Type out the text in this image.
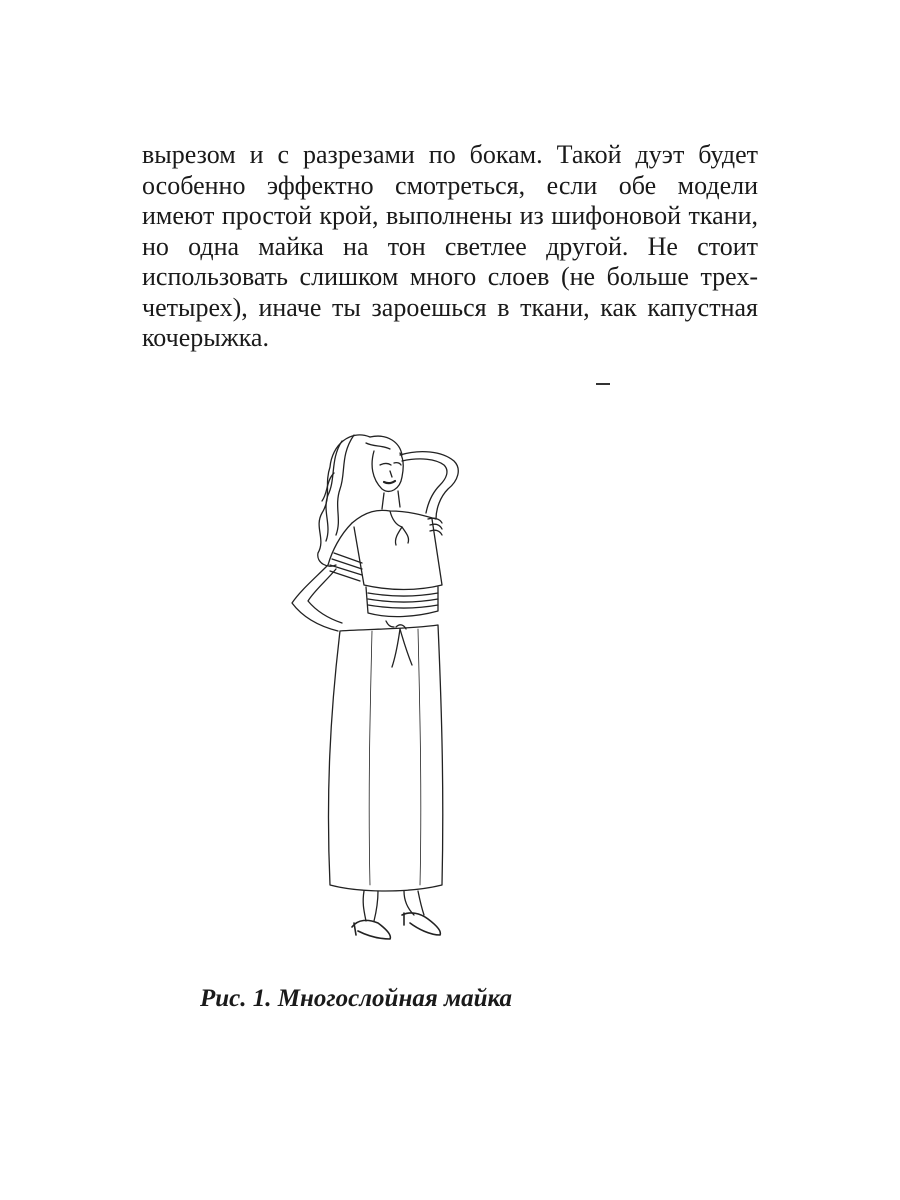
вырезом и с разрезами по бокам. Такой дуэт будет
особенно эффектно смотреться, если обе модели
имеют простой крой, выполнены из шифоновой ткани,
но одна майка на тон светлее другой. Не стоит
использовать слишком много слоев (не больше трех-
четырех), иначе ты зароешься в ткани, как капустная
кочерыжка.

Рис. 1. Многослойная майка
